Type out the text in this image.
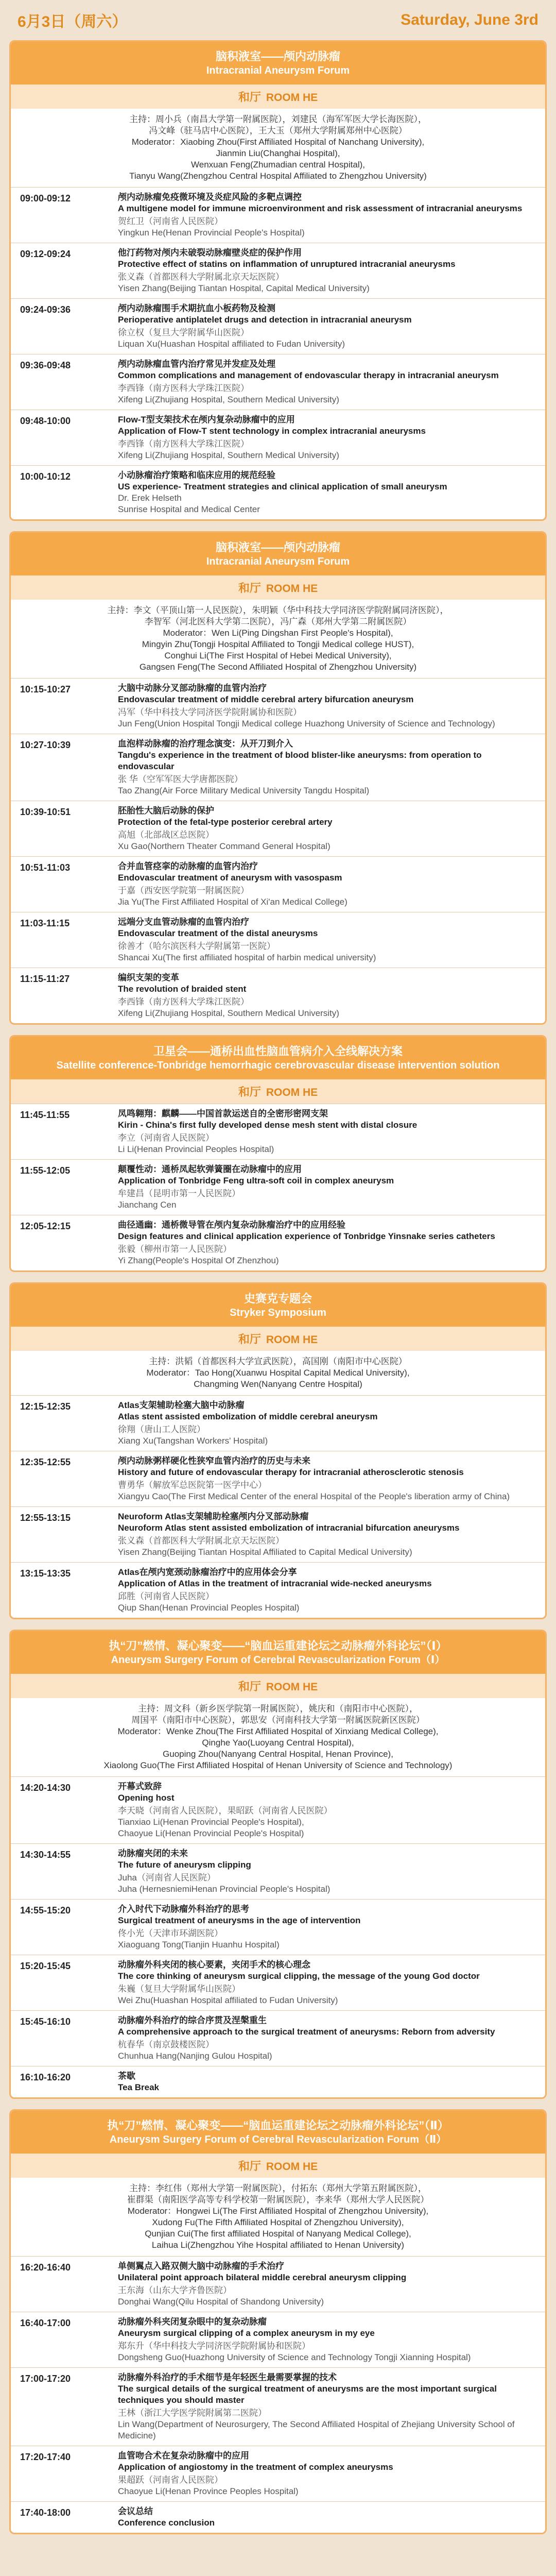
6月3日（周六）	Saturday, June 3rd
脑积液室——颅内动脉瘤
Intracranial Aneurysm Forum
和厅 ROOM HE

主持：周小兵（南昌大学第一附属医院），刘建民（海军军医大学长海医院），

冯文峰（驻马店中心医院），王大玉（郑州大学附属郑州中心医院）

Moderator：Xiaobing Zhou(First Affiliated Hospital of Nanchang University),

Jianmin Liu(Changhai Hospital),

Wenxuan Feng(Zhumadian central Hospital),

Tianyu Wang(Zhengzhou Central Hospital Affiliated to Zhengzhou University)

09:00-09:12	颅内动脉瘤免疫微环境及炎症风险的多靶点调控
A multigene model for immune microenvironment and risk assessment of intracranial aneurysms
贺红卫（河南省人民医院）
Yingkun He(Henan Provincial People's Hospital)
09:12-09:24	他汀药物对颅内未破裂动脉瘤壁炎症的保护作用
Protective effect of statins on inflammation of unruptured intracranial aneurysms
张义森（首都医科大学附属北京天坛医院）
Yisen Zhang(Beijing Tiantan Hospital, Capital Medical University)
09:24-09:36	颅内动脉瘤围手术期抗血小板药物及检测
Perioperative antiplatelet drugs and detection in intracranial aneurysm
徐立权（复旦大学附属华山医院）
Liquan Xu(Huashan Hospital affiliated to Fudan University)
09:36-09:48	颅内动脉瘤血管内治疗常见并发症及处理
Common complications and management of endovascular therapy in intracranial aneurysm
李西锋（南方医科大学珠江医院）
Xifeng Li(Zhujiang Hospital, Southern Medical University)
09:48-10:00	Flow-T型支架技术在颅内复杂动脉瘤中的应用
Application of Flow-T stent technology in complex intracranial aneurysms
李西锋（南方医科大学珠江医院）
Xifeng Li(Zhujiang Hospital, Southern Medical University)
10:00-10:12	小动脉瘤治疗策略和临床应用的规范经验
US experience- Treatment strategies and clinical application of small aneurysm
Dr. Erek Helseth
Sunrise Hospital and Medical Center
脑积液室——颅内动脉瘤
Intracranial Aneurysm Forum
和厅 ROOM HE

主持：李文（平顶山第一人民医院），朱明颖（华中科技大学同济医学院附属同济医院），

李智军（河北医科大学第二医院），冯广森（郑州大学第二附属医院）

Moderator：Wen Li(Ping Dingshan First People's Hospital),

Mingyin Zhu(Tongji Hospital Affiliated to Tongji Medical college HUST),

Conghui Li(The First Hospital of Hebei Medical University),

Gangsen Feng(The Second Affiliated Hospital of Zhengzhou University)

10:15-10:27	大脑中动脉分叉部动脉瘤的血管内治疗
Endovascular treatment of middle cerebral artery bifurcation aneurysm
冯军（华中科技大学同济医学院附属协和医院）
Jun Feng(Union Hospital Tongji Medical college Huazhong University of Science and Technology)
10:27-10:39	血泡样动脉瘤的治疗理念演变：从开刀到介入
Tangdu's experience in the treatment of blood blister-like aneurysms: from operation to endovascular
张 华（空军军医大学唐都医院）
Tao Zhang(Air Force Military Medical University Tangdu Hospital)
10:39-10:51	胚胎性大脑后动脉的保护
Protection of the fetal-type posterior cerebral artery
高旭（北部战区总医院）
Xu Gao(Northern Theater Command General Hospital)
10:51-11:03	合并血管痉挛的动脉瘤的血管内治疗
Endovascular treatment of aneurysm with vasospasm
于嘉（西安医学院第一附属医院）
Jia Yu(The First Affiliated Hospital of Xi'an Medical College)
11:03-11:15	远端分支血管动脉瘤的血管内治疗
Endovascular treatment of the distal aneurysms
徐善才（哈尔滨医科大学附属第一医院）
Shancai Xu(The first affiliated hospital of harbin medical university)
11:15-11:27	编织支架的变革
The revolution of braided stent
李西锋（南方医科大学珠江医院）
Xifeng Li(Zhujiang Hospital, Southern Medical University)
卫星会——通桥出血性脑血管病介入全线解决方案
Satellite conference-Tonbridge hemorrhagic cerebrovascular disease intervention solution
和厅 ROOM HE
11:45-11:55	凤鸣翱翔：麒麟——中国首款运送自的全密形密网支架
Kirin - China's first fully developed dense mesh stent with distal closure
李立（河南省人民医院）
Li Li(Henan Provincial Peoples Hospital)
11:55-12:05	颠覆性动：通桥凤起软弹簧圈在动脉瘤中的应用
Application of Tonbridge Feng ultra-soft coil in complex aneurysm
牟建昌（昆明市第一人民医院）
Jianchang Cen
12:05-12:15	曲径通幽：通桥微导管在颅内复杂动脉瘤治疗中的应用经验
Design features and clinical application experience of Tonbridge Yinsnake series catheters
张毅（柳州市第一人民医院）
Yi Zhang(People's Hospital Of Zhenzhou)
史赛克专题会
Stryker Symposium
和厅 ROOM HE

主持：洪韬（首都医科大学宣武医院），高国刚（南阳市中心医院）

Moderator：Tao Hong(Xuanwu Hospital Capital Medical University),

Changming Wen(Nanyang Centre Hospital)

12:15-12:35	Atlas支架辅助栓塞大脑中动脉瘤
Atlas stent assisted embolization of middle cerebral aneurysm
徐翔（唐山工人医院）
Xiang Xu(Tangshan Workers' Hospital)
12:35-12:55	颅内动脉粥样硬化性狭窄血管内治疗的历史与未来
History and future of endovascular therapy for intracranial atherosclerotic stenosis
曹勇华（解放军总医院第一医学中心）
Xiangyu Cao(The First Medical Center of the eneral Hospital of the People's liberation army of China)
12:55-13:15	Neuroform Atlas支架辅助栓塞颅内分叉部动脉瘤
Neuroform Atlas stent assisted embolization of intracranial bifurcation aneurysms
张义森（首都医科大学附属北京天坛医院）
Yisen Zhang(Beijing Tiantan Hospital Affiliated to Capital Medical University)
13:15-13:35	Atlas在颅内宽颈动脉瘤治疗中的应用体会分享
Application of Atlas in the treatment of intracranial wide-necked aneurysms
邱胜（河南省人民医院）
Qiup Shan(Henan Provincial Peoples Hospital)
执“刀”燃情、凝心聚变——“脑血运重建论坛之动脉瘤外科论坛”（Ⅰ）
Aneurysm Surgery Forum of Cerebral Revascularization Forum（Ⅰ）
和厅 ROOM HE

主持：周文科（新乡医学院第一附属医院），姚庆和（南阳市中心医院），

周国平（南阳市中心医院），郭思安（河南科技大学第一附属医院新区医院）

Moderator：Wenke Zhou(The First Affiliated Hospital of Xinxiang Medical College),

Qinghe Yao(Luoyang Central Hospital),

Guoping Zhou(Nanyang Central Hospital, Henan Province),

Xiaolong Guo(The First Affiliated Hospital of Henan University of Science and Technology)

14:20-14:30	开幕式致辞
Opening host
李天晓（河南省人民医院），果昭跃（河南省人民医院）
Tianxiao Li(Henan Provincial People's Hospital),
Chaoyue Li(Henan Provincial People's Hospital)
14:30-14:55	动脉瘤夹闭的未来
The future of aneurysm clipping
Juha（河南省人民医院）
Juha (HernesniemiHenan Provincial People's Hospital)
14:55-15:20	介入时代下动脉瘤外科治疗的思考
Surgical treatment of aneurysms in the age of intervention
佟小光（天津市环湖医院）
Xiaoguang Tong(Tianjin Huanhu Hospital)
15:20-15:45	动脉瘤外科夹闭的核心要素，夹闭手术的核心理念
The core thinking of aneurysm surgical clipping, the message of the young God doctor
朱巍（复旦大学附属华山医院）
Wei Zhu(Huashan Hospital affiliated to Fudan University)
15:45-16:10	动脉瘤外科治疗的综合序贯及涅槃重生
A comprehensive approach to the surgical treatment of aneurysms: Reborn from adversity
杭春华（南京鼓楼医院）
Chunhua Hang(Nanjing Gulou Hospital)
16:10-16:20	茶歇
Tea Break
执“刀”燃情、凝心聚变——“脑血运重建论坛之动脉瘤外科论坛”（Ⅱ）
Aneurysm Surgery Forum of Cerebral Revascularization Forum（Ⅱ）
和厅 ROOM HE

主持：李红伟（郑州大学第一附属医院），付拓东（郑州大学第五附属医院），

崔群渠（南阳医学高等专科学校第一附属医院），李来华（郑州大学人民医院）

Moderator：Hongwei Li(The First Affiliated Hospital of Zhengzhou University),

Xudong Fu(The Fifth Affiliated Hospital of Zhengzhou University),

Qunjian Cui(The first affiliated Hospital of Nanyang Medical College),

Laihua Li(Zhengzhou Yihe Hospital affiliated to Henan University)

16:20-16:40	单侧翼点入路双侧大脑中动脉瘤的手术治疗
Unilateral point approach bilateral middle cerebral aneurysm clipping
王东海（山东大学齐鲁医院）
Donghai Wang(Qilu Hospital of Shandong University)
16:40-17:00	动脉瘤外科夹闭复杂眼中的复杂动脉瘤
Aneurysm surgical clipping of a complex aneurysm in my eye
郑东升（华中科技大学同济医学院附属协和医院）
Dongsheng Guo(Huazhong University of Science and Technology Tongji Xianning Hospital)
17:00-17:20	动脉瘤外科治疗的手术细节是年轻医生最需要掌握的技术
The surgical details of the surgical treatment of aneurysms are the most important surgical techniques you should master
王林（浙江大学医学院附属第二医院）
Lin Wang(Department of Neurosurgery, The Second Affiliated Hospital of Zhejiang University School of Medicine)
17:20-17:40	血管吻合术在复杂动脉瘤中的应用
Application of angiostomy in the treatment of complex aneurysms
果超跃（河南省人民医院）
Chaoyue Li(Henan Province Peoples Hospital)
17:40-18:00	会议总结
Conference conclusion
